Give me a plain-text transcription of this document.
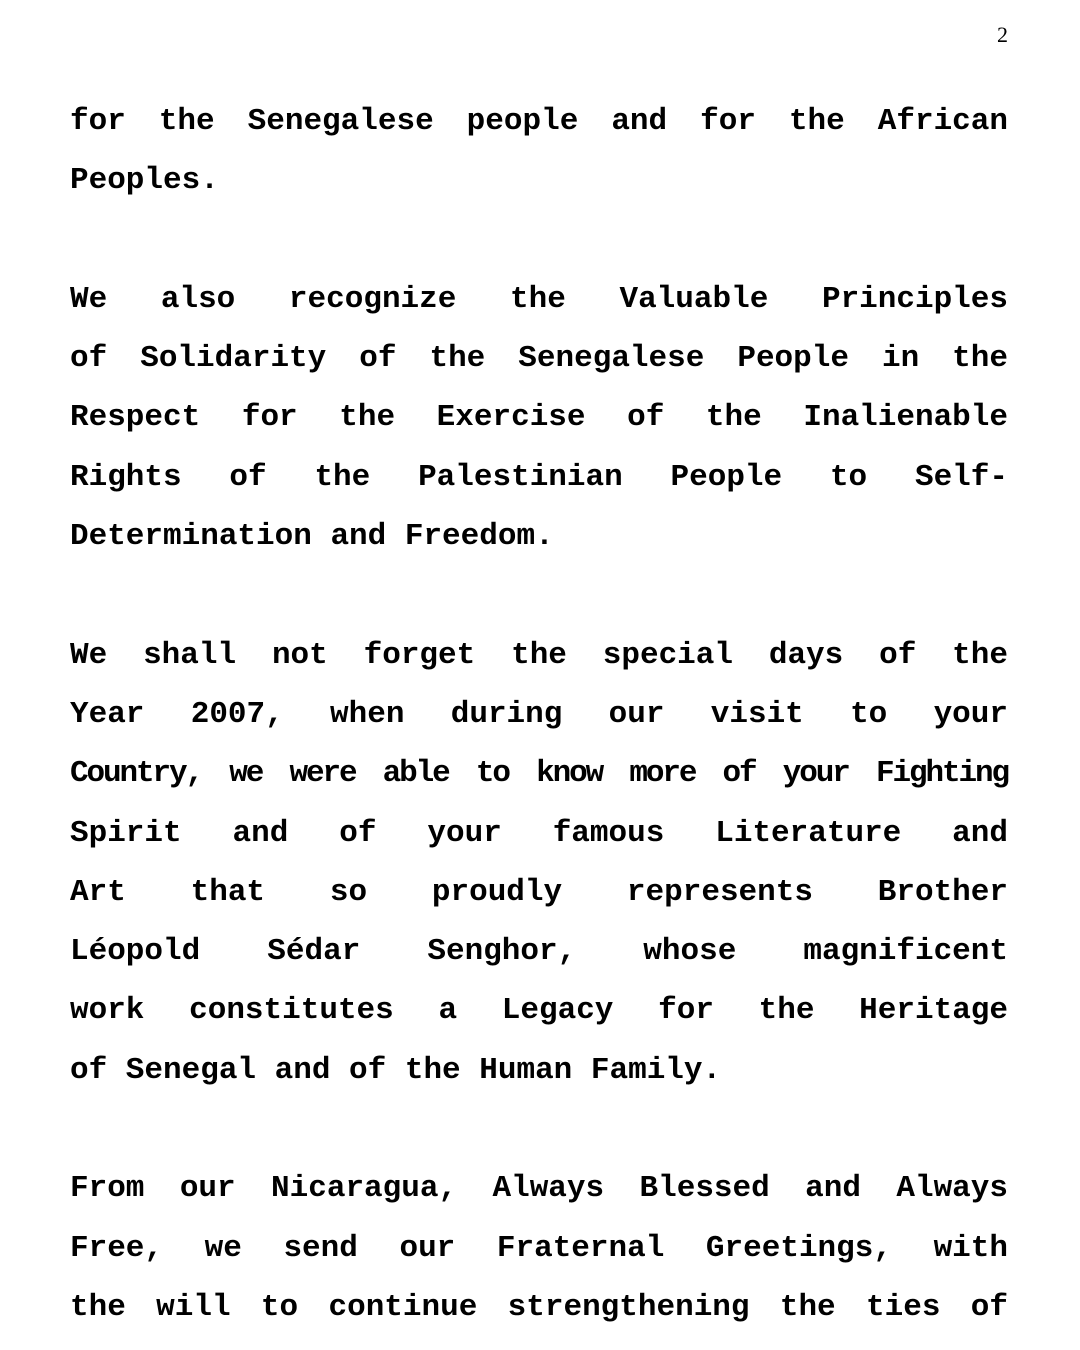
2

for the Senegalese people and for the African
Peoples.

We also recognize the Valuable Principles
of Solidarity of the Senegalese People in the
Respect for the Exercise of the Inalienable
Rights of the Palestinian People to Self-
Determination and Freedom.

We shall not forget the special days of the
Year 2007, when during our visit to your
Country, we were able to know more of your Fighting
Spirit and of your famous Literature and
Art that so proudly represents Brother
Léopold Sédar Senghor, whose magnificent
work constitutes a Legacy for the Heritage
of Senegal and of the Human Family.

From our Nicaragua, Always Blessed and Always
Free, we send our Fraternal Greetings, with
the will to continue strengthening the ties of
